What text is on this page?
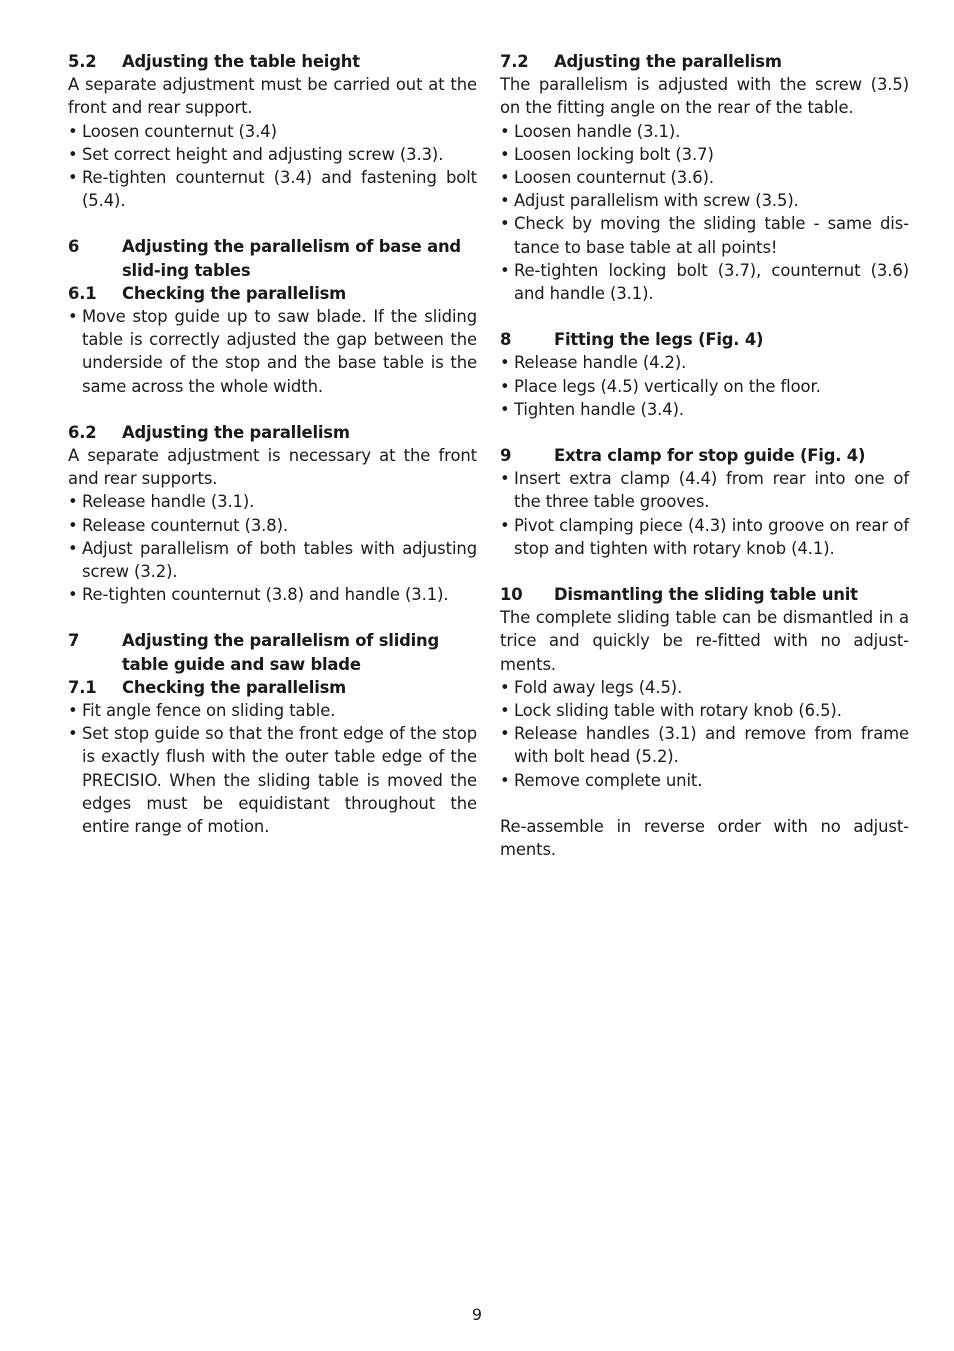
5.2	Adjusting the table height
A separate adjustment must be carried out at the front and rear support.
• Loosen counternut (3.4)
• Set correct height and adjusting screw (3.3).
• Re-tighten counternut (3.4) and fastening bolt (5.4).
6	Adjusting the parallelism of base and slid-ing tables
6.1	Checking the parallelism
• Move stop guide up to saw blade. If the sliding table is correctly adjusted the gap between the underside of the stop and the base table is the same across the whole width.
6.2	Adjusting the parallelism
A separate adjustment is necessary at the front and rear supports.
• Release handle (3.1).
• Release counternut (3.8).
• Adjust parallelism of both tables with adjusting screw (3.2).
• Re-tighten counternut (3.8) and handle (3.1).
7	Adjusting the parallelism of sliding table guide and saw blade
7.1	Checking the parallelism
• Fit angle fence on sliding table.
• Set stop guide so that the front edge of the stop is exactly flush with the outer table edge of the PRECISIO. When the sliding table is moved the edges must be equidistant throughout the entire range of motion.
7.2	Adjusting the parallelism
The parallelism is adjusted with the screw (3.5) on the fitting angle on the rear of the table.
• Loosen handle (3.1).
• Loosen locking bolt (3.7)
• Loosen counternut (3.6).
• Adjust parallelism with screw (3.5).
• Check by moving the sliding table - same dis-tance to base table at all points!
• Re-tighten locking bolt (3.7), counternut (3.6) and handle (3.1).
8	Fitting the legs (Fig. 4)
• Release handle (4.2).
• Place legs (4.5) vertically on the floor.
• Tighten handle (3.4).
9	Extra clamp for stop guide (Fig. 4)
• Insert extra clamp (4.4) from rear into one of the three table grooves.
• Pivot clamping piece (4.3) into groove on rear of stop and tighten with rotary knob (4.1).
10	Dismantling the sliding table unit
The complete sliding table can be dismantled in a trice and quickly be re-fitted with no adjust-ments.
• Fold away legs (4.5).
• Lock sliding table with rotary knob (6.5).
• Release handles (3.1) and remove from frame with bolt head (5.2).
• Remove complete unit.
Re-assemble in reverse order with no adjust-ments.
9
